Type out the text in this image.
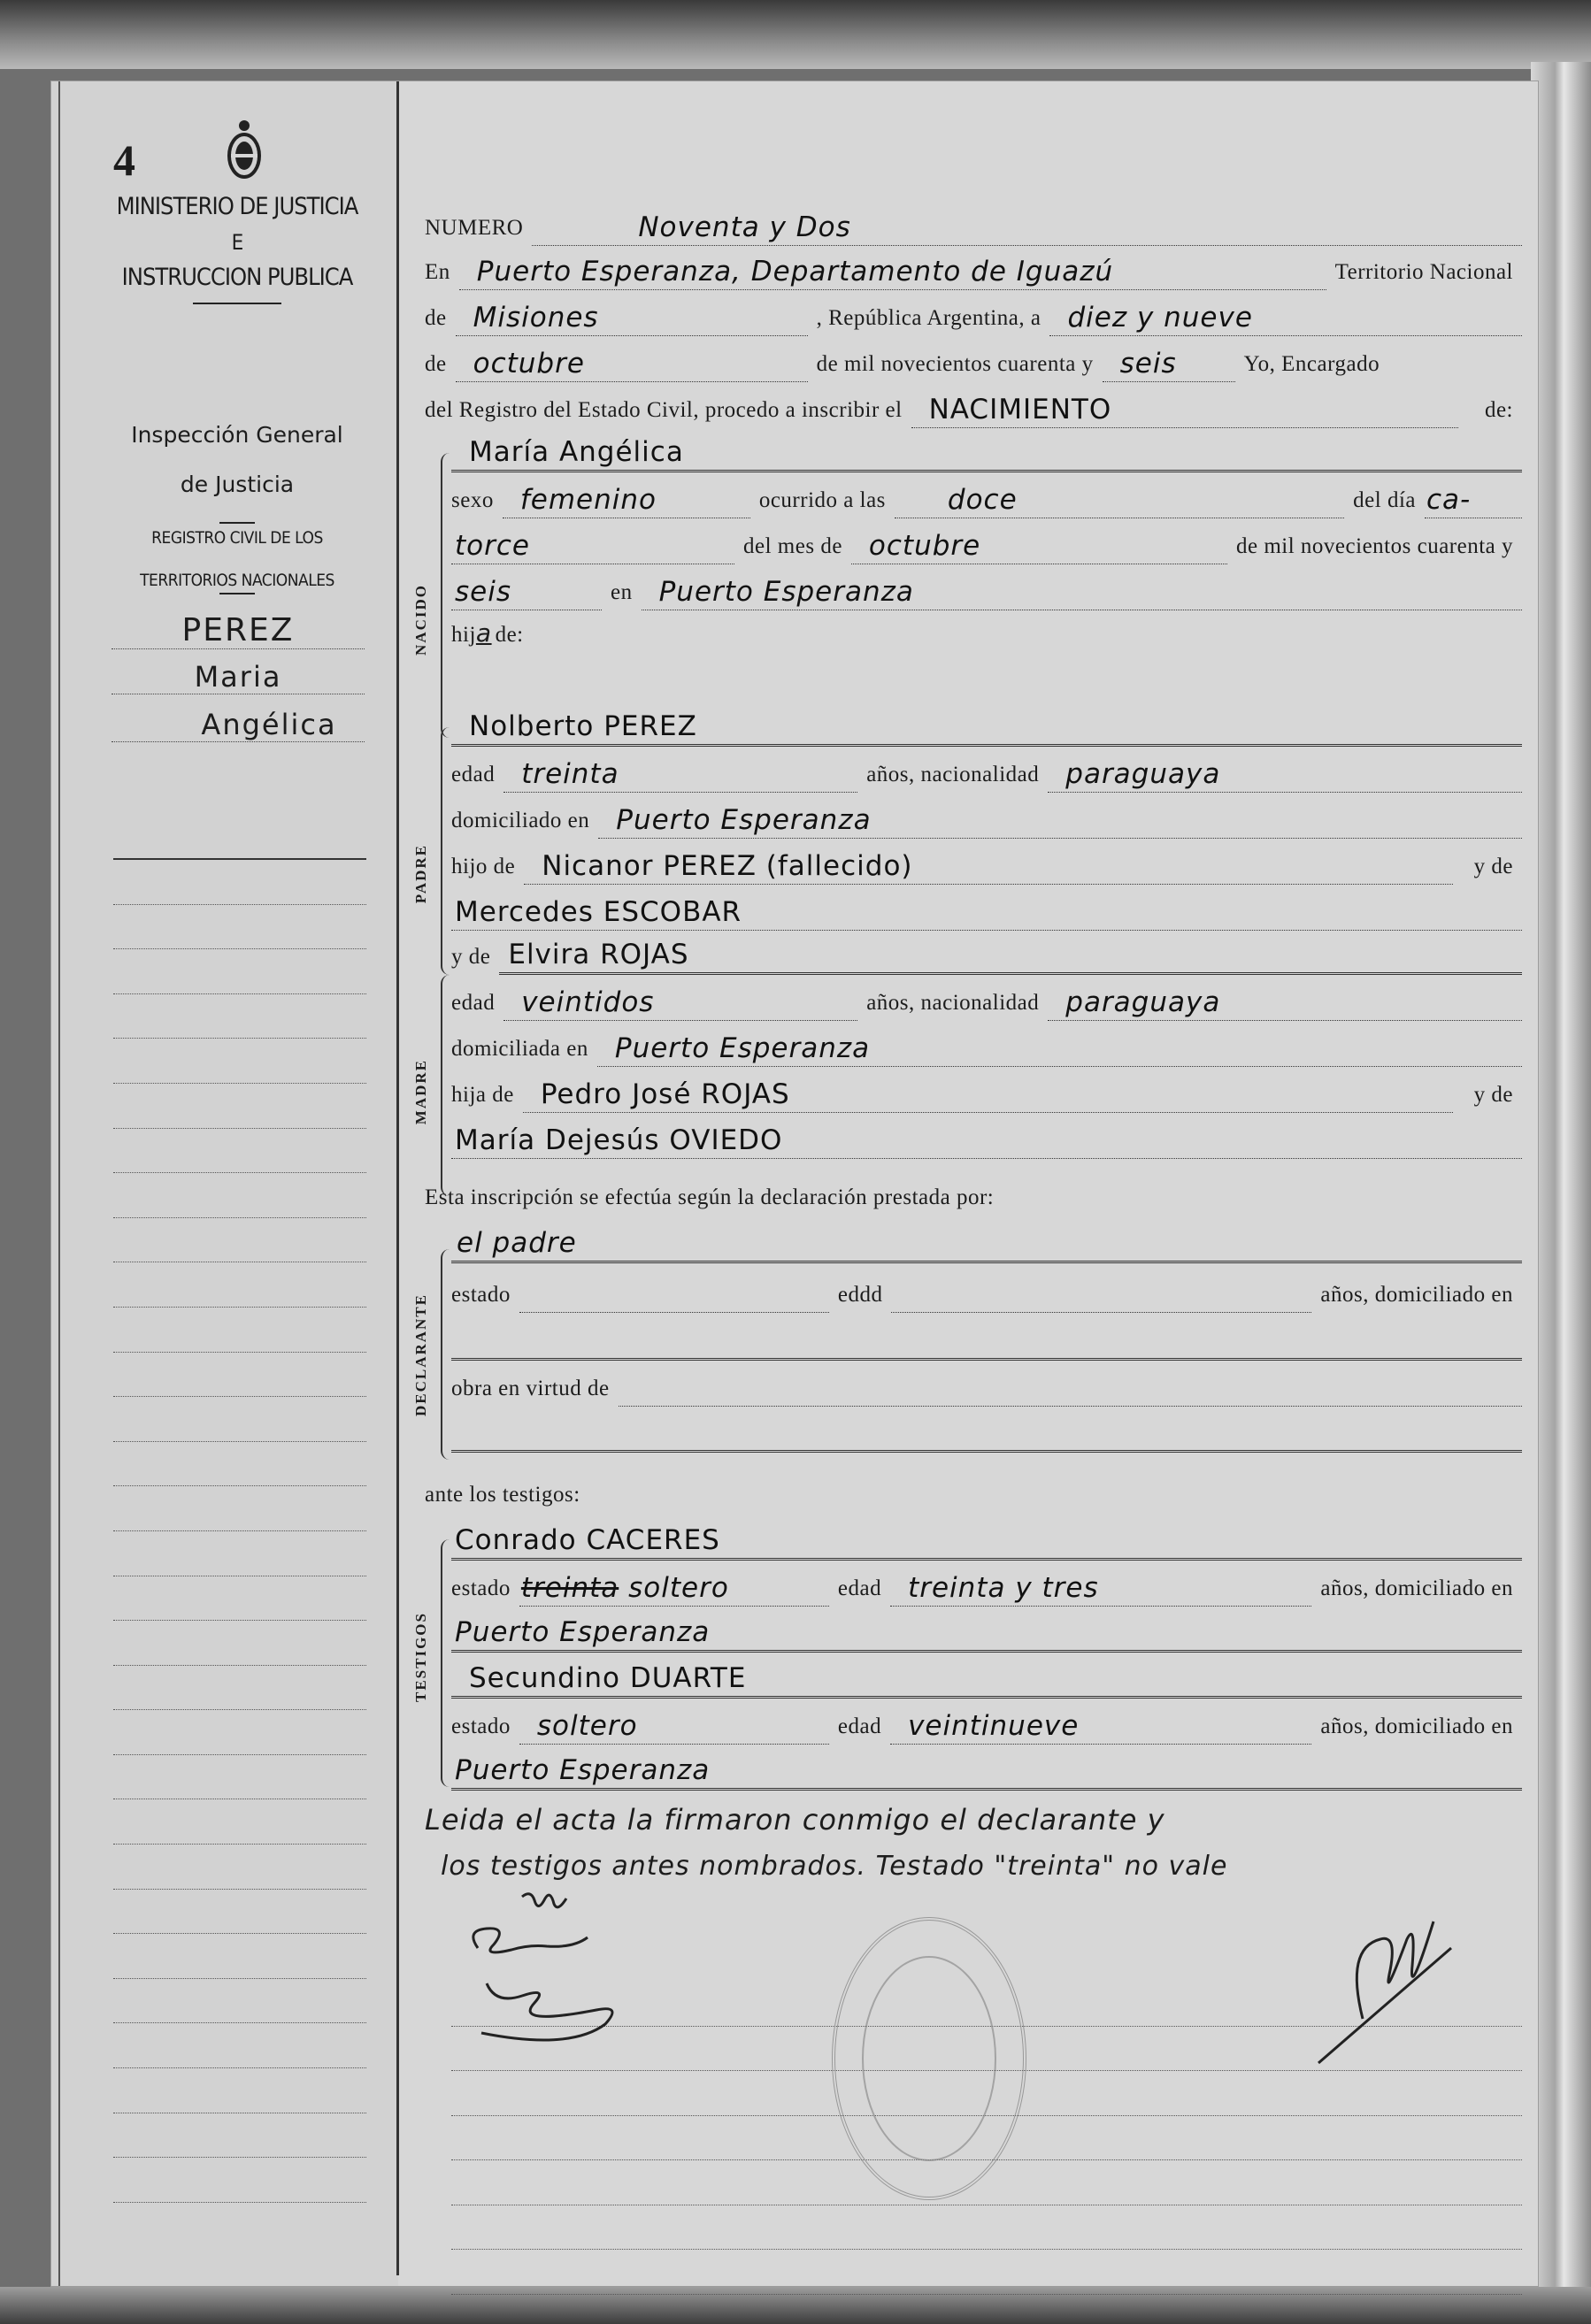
4
MINISTERIO DE JUSTICIA
E
INSTRUCCION PUBLICA
Inspección General
de Justicia
REGISTRO CIVIL DE LOS
TERRITORIOS NACIONALES
PEREZ
Maria
Angélica
NUMERO	Noventa y Dos
En Puerto Esperanza, Departamento de Iguazú	Territorio Nacional
de Misiones	, República Argentina, a diez y nueve
de octubre	de mil novecientos cuarenta y seis	Yo, Encargado
del Registro del Estado Civil, procedo a inscribir el NACIMIENTO	de:
NACIDO
María Angélica
sexo femenino	ocurrido a las	doce	del día ca-
torce	del mes de octubre	de mil novecientos cuarenta y
seis	en Puerto Esperanza
hij a de:
PADRE
Nolberto PEREZ
edad treinta	años, nacionalidad paraguaya
domiciliado en Puerto Esperanza
hijo de Nicanor PEREZ (fallecido)	y de
Mercedes ESCOBAR
MADRE
y de Elvira ROJAS
edad veintidos	años, nacionalidad paraguaya
domiciliada en Puerto Esperanza
hija de Pedro José ROJAS	y de
María Dejesús OVIEDO
Esta inscripción se efectúa según la declaración prestada por:
DECLARANTE
el padre
estado	eddd	años, domiciliado en
obra en virtud de
ante los testigos:
TESTIGOS
Conrado CACERES
estado treinta soltero	edad treinta y tres	años, domiciliado en
Puerto Esperanza
Secundino DUARTE
estado soltero	edad veintinueve	años, domiciliado en
Puerto Esperanza
Leida el acta la firmaron conmigo el declarante y
los testigos antes nombrados. Testado "treinta" no vale
